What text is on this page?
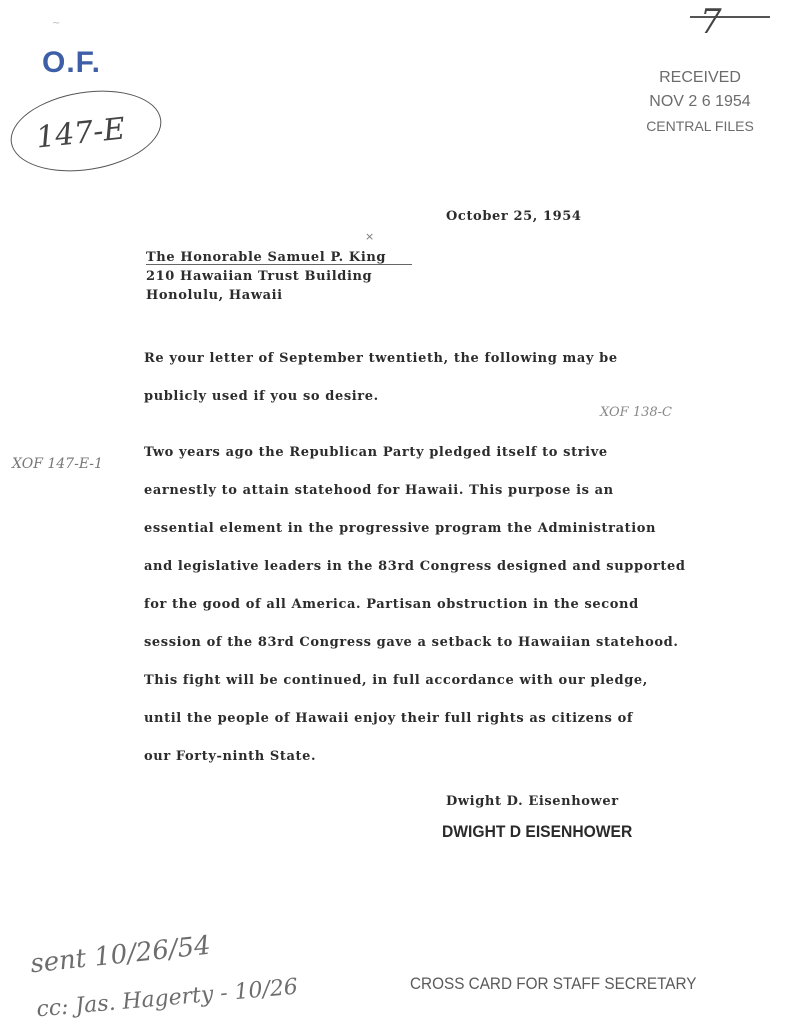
~
O.F.
147-E
7
RECEIVED
NOV 2 6 1954
CENTRAL FILES
October 25, 1954
×
The Honorable Samuel P. King
210 Hawaiian Trust Building
Honolulu, Hawaii
Re your letter of September twentieth, the following may be
publicly used if you so desire.
XOF 138-C
XOF 147-E-1
Two years ago the Republican Party pledged itself to strive
earnestly to attain statehood for Hawaii. This purpose is an
essential element in the progressive program the Administration
and legislative leaders in the 83rd Congress designed and supported
for the good of all America. Partisan obstruction in the second
session of the 83rd Congress gave a setback to Hawaiian statehood.
This fight will be continued, in full accordance with our pledge,
until the people of Hawaii enjoy their full rights as citizens of
our Forty-ninth State.
Dwight D. Eisenhower
DWIGHT D EISENHOWER
sent 10/26/54
cc: Jas. Hagerty - 10/26	CROSS CARD FOR STAFF SECRETARY
